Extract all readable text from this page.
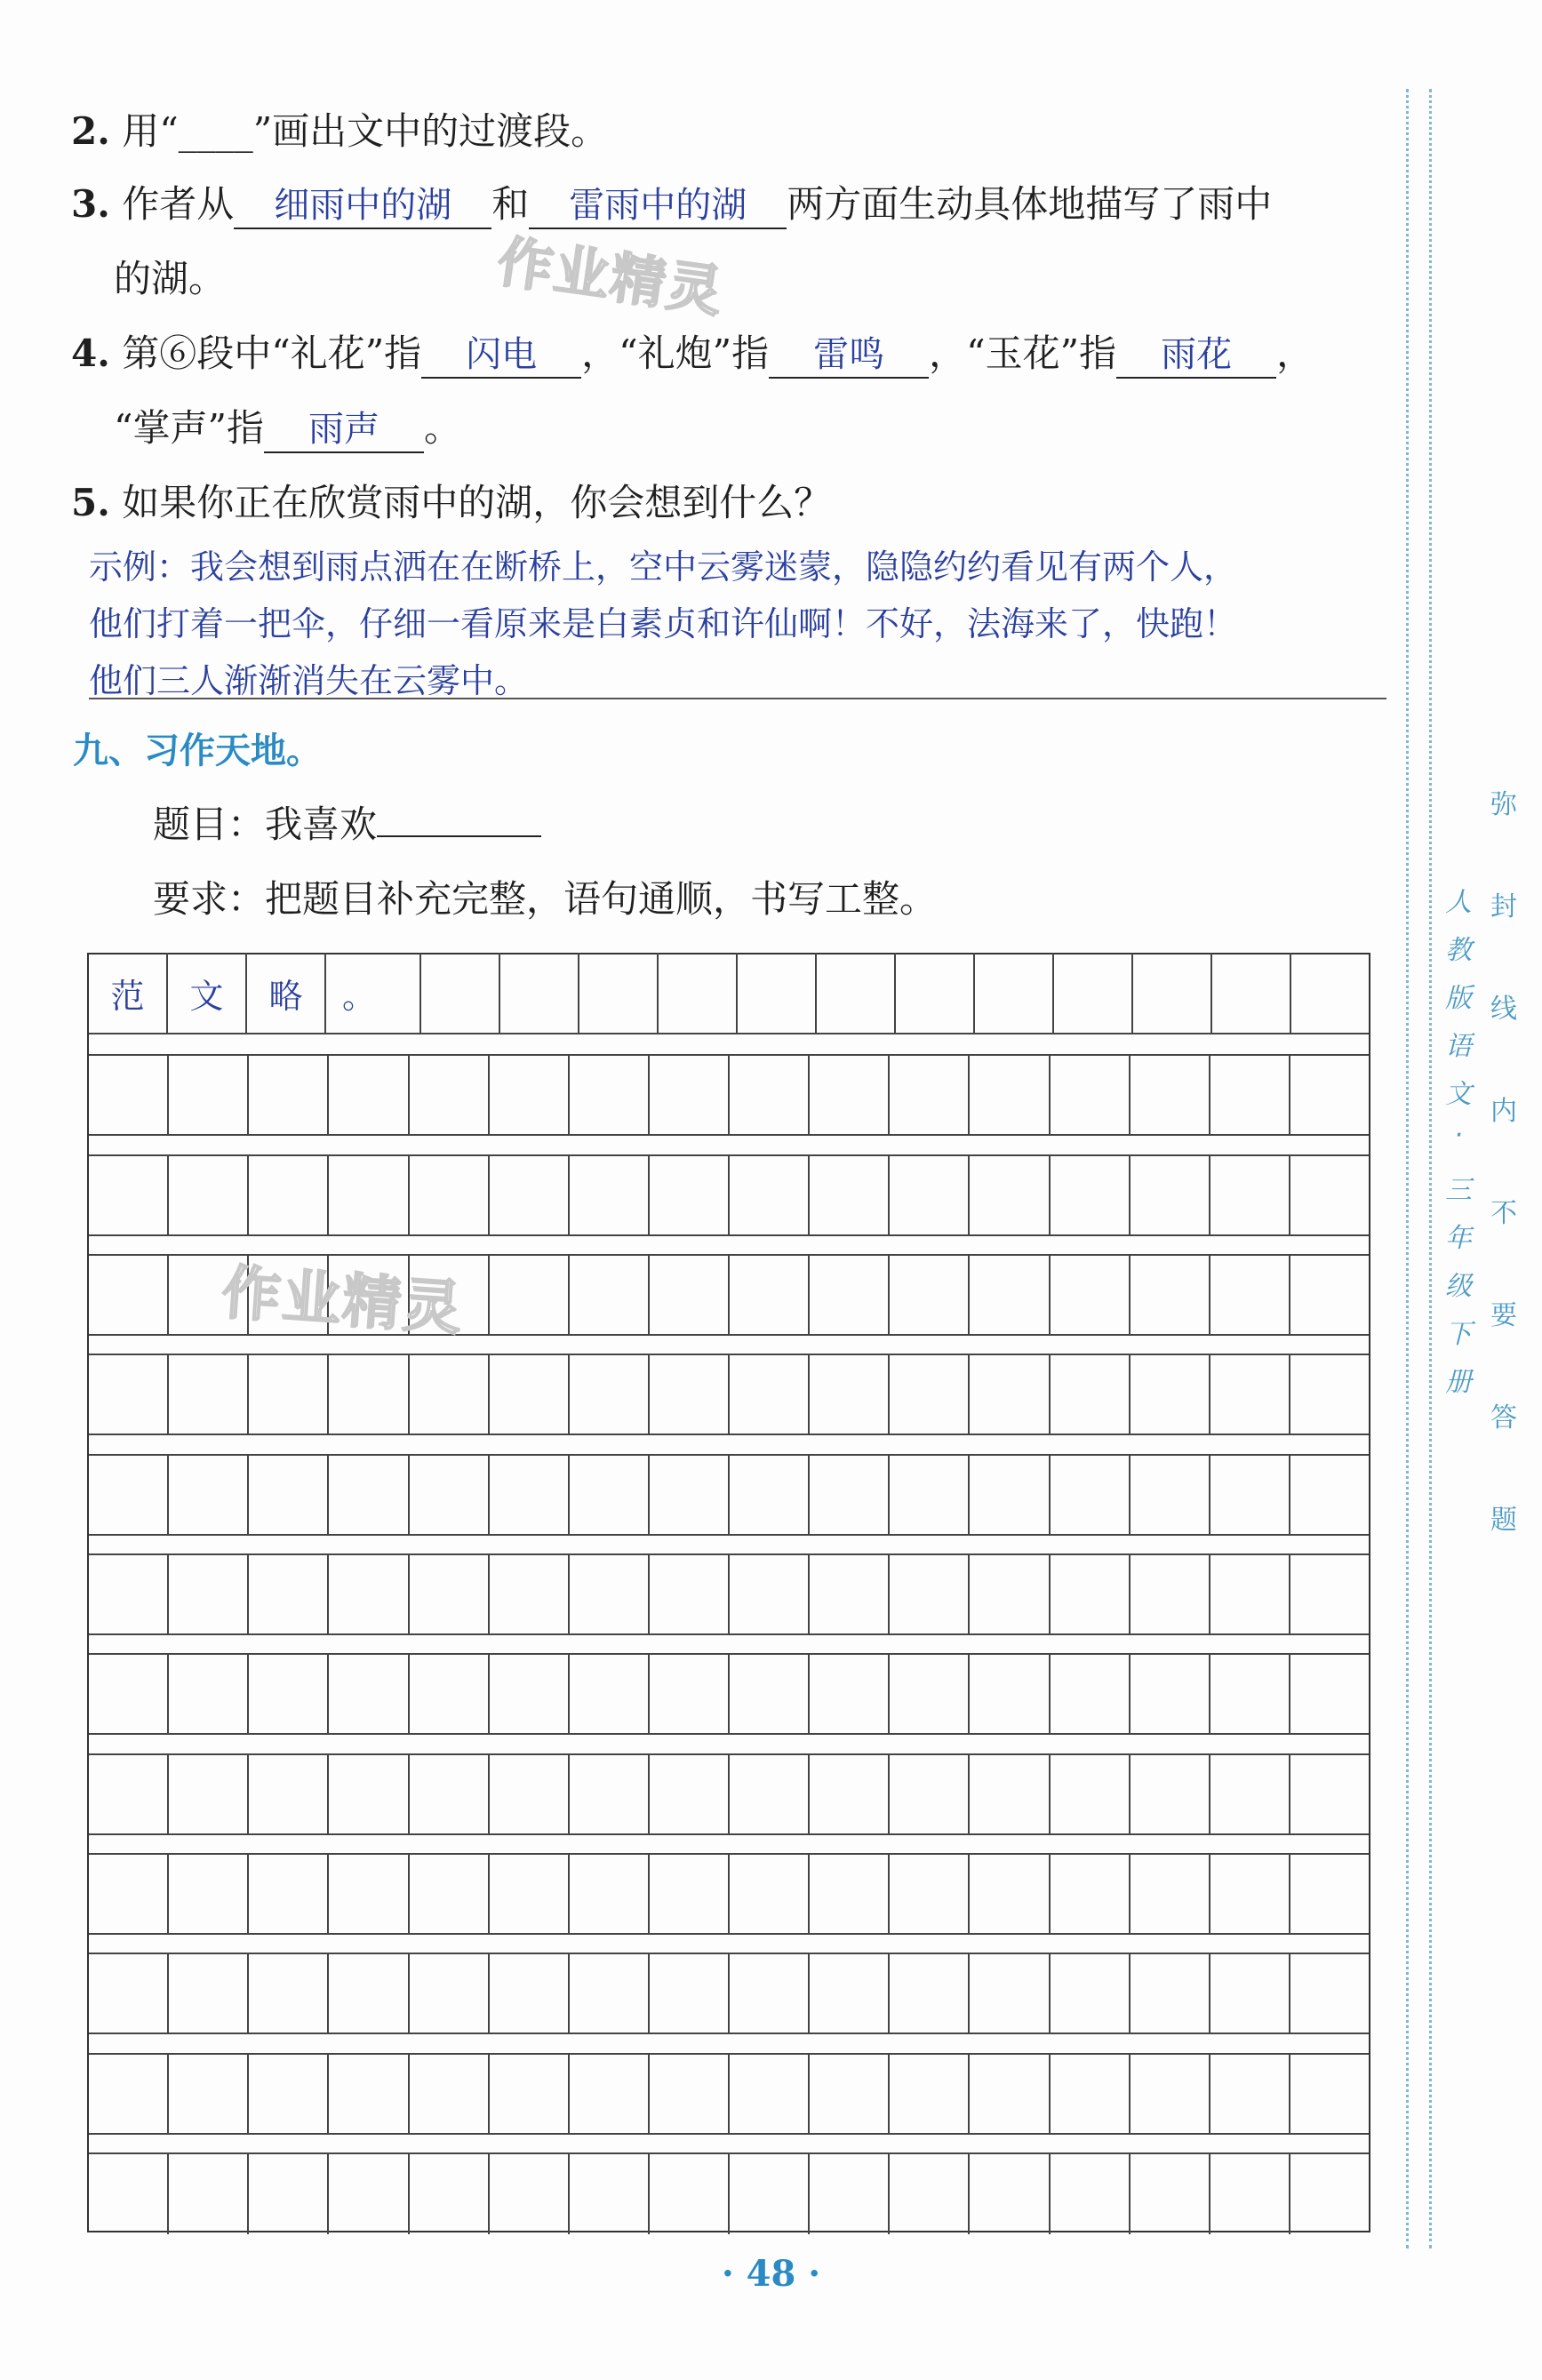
2. 用“____”画出文中的过渡段。
3. 作者从 细雨中的湖 和 雷雨中的湖 两方面生动具体地描写了雨中
的湖。	作业精灵
4. 第⑥段中“礼花”指 闪电 ，“礼炮”指 雷鸣 ，“玉花”指 雨花 ，
“掌声”指 雨声 。
5. 如果你正在欣赏雨中的湖，你会想到什么？
示例：我会想到雨点洒在在断桥上，空中云雾迷蒙，隐隐约约看见有两个人，
他们打着一把伞，仔细一看原来是白素贞和许仙啊！不好，法海来了，快跑！
他们三人渐渐消失在云雾中。
九、习作天地。
题目：我喜欢
要求：把题目补充完整，语句通顺，书写工整。
范	文	略	。
作业精灵
弥
封
线
内
不
要
答
题
人
教
版
语
文
·
三
年
级
下
册
· 48 ·
